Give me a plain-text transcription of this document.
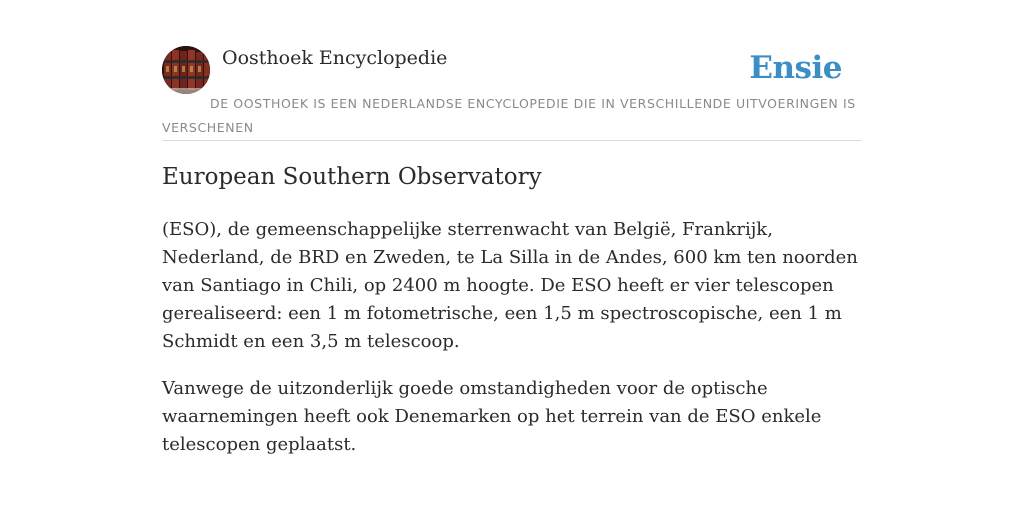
Oosthoek Encyclopedie	Ensie
DE OOSTHOEK IS EEN NEDERLANDSE ENCYCLOPEDIE DIE IN VERSCHILLENDE UITVOERINGEN IS VERSCHENEN
European Southern Observatory

(ESO), de gemeenschappelijke sterrenwacht van België, Frankrijk, Nederland, de BRD en Zweden, te La Silla in de Andes, 600 km ten noorden van Santiago in Chili, op 2400 m hoogte. De ESO heeft er vier telescopen gerealiseerd: een 1 m fotometrische, een 1,5 m spectroscopische, een 1 m Schmidt en een 3,5 m telescoop.

Vanwege de uitzonderlijk goede omstandigheden voor de optische waarnemingen heeft ook Denemarken op het terrein van de ESO enkele telescopen geplaatst.
